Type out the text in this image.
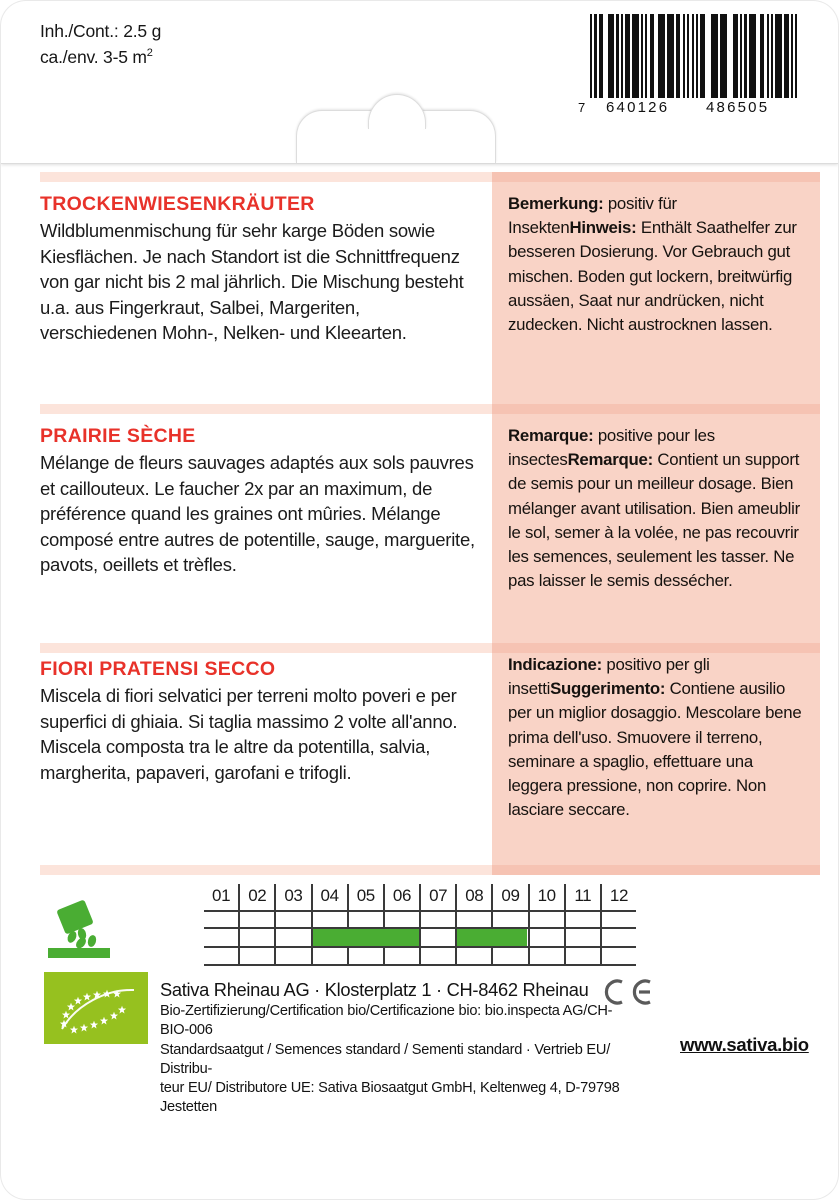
Inh./Cont.: 2.5 g
ca./env. 3-5 $m^2$
7 640126 486505

TROCKENWIESENKRÄUTER

Wildblumenmischung für sehr karge Böden sowie Kiesflächen. Je nach Standort ist die Schnittfrequenz von gar nicht bis 2 mal jährlich. Die Mischung besteht u.a. aus Fingerkraut, Salbei, Margeriten, verschiedenen Mohn-, Nelken- und Kleearten.

Bemerkung: positiv für InsektenHinweis: Enthält Saathelfer zur besseren Dosierung. Vor Gebrauch gut mischen. Boden gut lockern, breitwürfig aussäen, Saat nur andrücken, nicht zudecken. Nicht austrocknen lassen.

PRAIRIE SÈCHE

Mélange de fleurs sauvages adaptés aux sols pauvres et caillouteux. Le faucher 2x par an maximum, de préférence quand les graines ont mûries. Mélange composé entre autres de potentille, sauge, marguerite, pavots, oeillets et trèfles.

Remarque: positive pour les insectesRemarque: Contient un support de semis pour un meilleur dosage. Bien mélanger avant utilisation. Bien ameublir le sol, semer à la volée, ne pas recouvrir les semences, seulement les tasser. Ne pas laisser le semis dessécher.

FIORI PRATENSI SECCO

Miscela di fiori selvatici per terreni molto poveri e per superfici di ghiaia. Si taglia massimo 2 volte all'anno. Miscela composta tra le altre da potentilla, salvia, margherita, papaveri, garofani e trifogli.

Indicazione: positivo per gli insettiSuggerimento: Contiene ausilio per un miglior dosaggio. Mescolare bene prima dell'uso. Smuovere il terreno, seminare a spaglio, effettuare una leggera pressione, non coprire. Non lasciare seccare.

01	02	03	04	05	06	07	08	09	10	11	12

Sativa Rheinau AG · Klosterplatz 1 · CH-8462 Rheinau

Bio-Zertifizierung/Certification bio/Certificazione bio: bio.inspecta AG/CH-BIO-006

Standardsaatgut / Semences standard / Sementi standard · Vertrieb EU/ Distribu-

teur EU/ Distributore UE: Sativa Biosaatgut GmbH, Keltenweg 4, D-79798 Jestetten

www.sativa.bio
